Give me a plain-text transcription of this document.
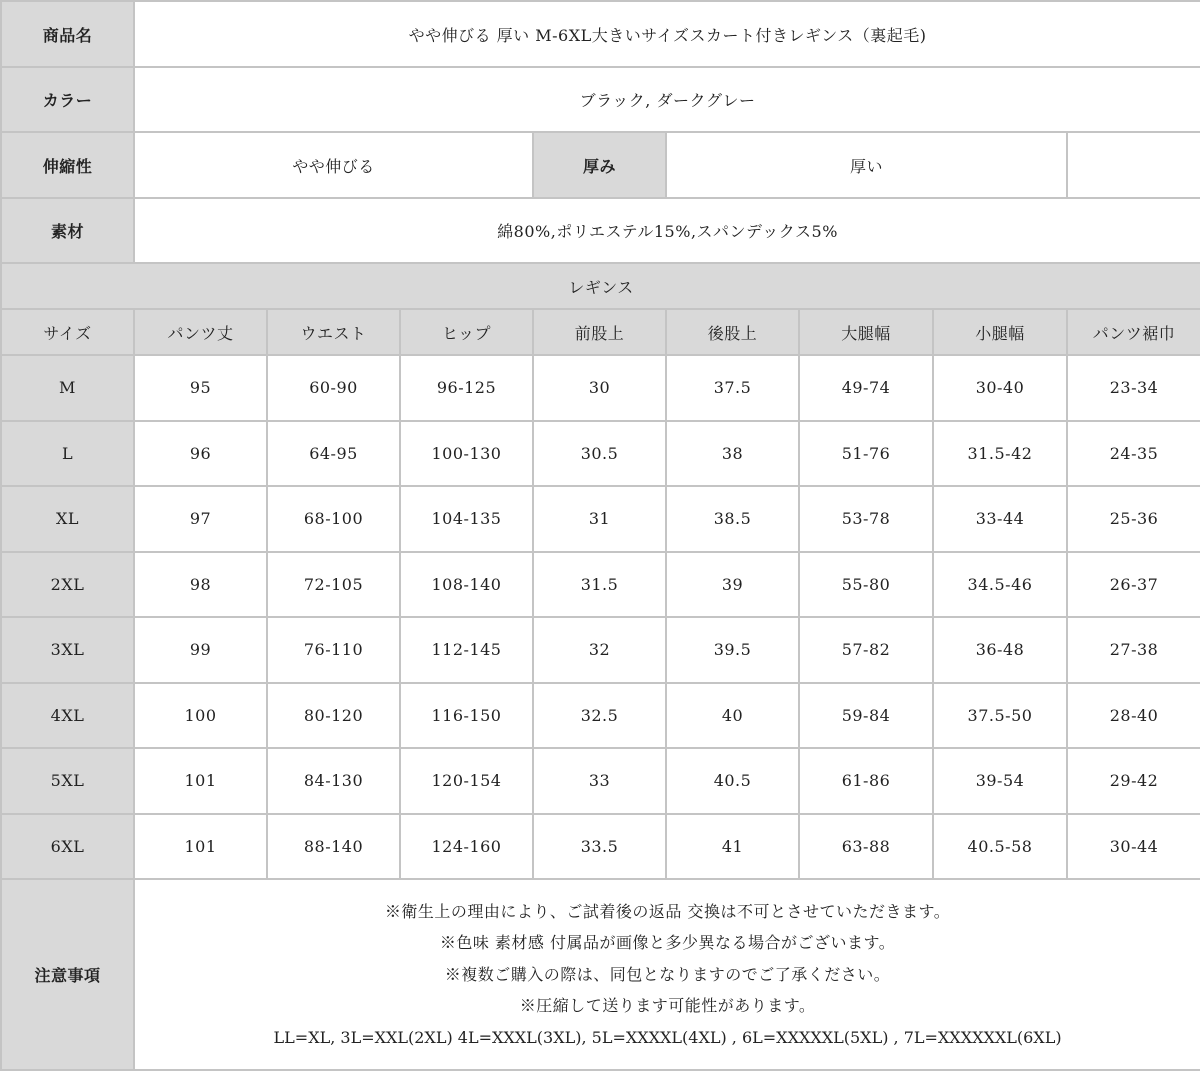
商品名	やや伸びる 厚い M-6XL大きいサイズスカート付きレギンス（裏起毛)							
カラー	ブラック, ダークグレー							
伸縮性	やや伸びる			厚み	厚い			
素材	綿80%,ポリエステル15%,スパンデックス5%							
レギンス								
サイズ	パンツ丈	ウエスト	ヒップ	前股上	後股上	大腿幅	小腿幅	パンツ裾巾
M	95	60-90	96-125	30	37.5	49-74	30-40	23-34
L	96	64-95	100-130	30.5	38	51-76	31.5-42	24-35
XL	97	68-100	104-135	31	38.5	53-78	33-44	25-36
2XL	98	72-105	108-140	31.5	39	55-80	34.5-46	26-37
3XL	99	76-110	112-145	32	39.5	57-82	36-48	27-38
4XL	100	80-120	116-150	32.5	40	59-84	37.5-50	28-40
5XL	101	84-130	120-154	33	40.5	61-86	39-54	29-42
6XL	101	88-140	124-160	33.5	41	63-88	40.5-58	30-44
注意事項	※衛生上の理由により、ご試着後の返品 交換は不可とさせていただきます。
※色味 素材感 付属品が画像と多少異なる場合がございます。
※複数ご購入の際は、同包となりますのでご了承ください。
※圧縮して送ります可能性があります。
LL=XL, 3L=XXL(2XL) 4L=XXXL(3XL), 5L=XXXXL(4XL) , 6L=XXXXXL(5XL) , 7L=XXXXXXL(6XL)							
